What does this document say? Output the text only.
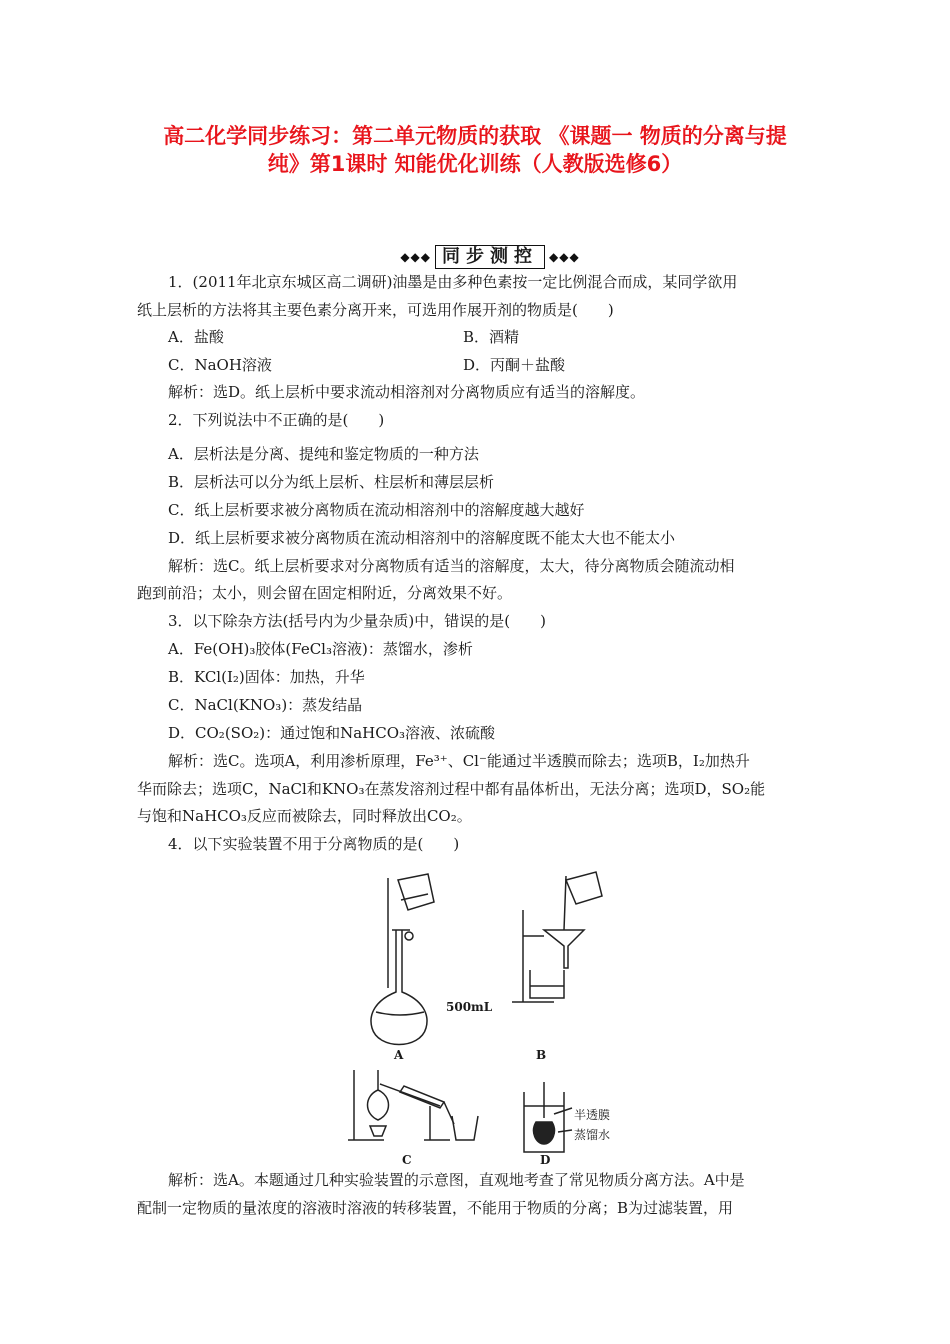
高二化学同步练习：第二单元物质的获取 《课题一 物质的分离与提
纯》第1课时 知能优化训练（人教版选修6）
◆◆◆ 同步测控 ◆◆◆
1．(2011年北京东城区高二调研)油墨是由多种色素按一定比例混合而成，某同学欲用
纸上层析的方法将其主要色素分离开来，可选用作展开剂的物质是(　　)
A．盐酸	B．酒精
C．NaOH溶液	D．丙酮＋盐酸
解析：选D。纸上层析中要求流动相溶剂对分离物质应有适当的溶解度。
2．下列说法中不正确的是(　　)
A．层析法是分离、提纯和鉴定物质的一种方法
B．层析法可以分为纸上层析、柱层析和薄层层析
C．纸上层析要求被分离物质在流动相溶剂中的溶解度越大越好
D．纸上层析要求被分离物质在流动相溶剂中的溶解度既不能太大也不能太小
解析：选C。纸上层析要求对分离物质有适当的溶解度，太大，待分离物质会随流动相
跑到前沿；太小，则会留在固定相附近，分离效果不好。
3．以下除杂方法(括号内为少量杂质)中，错误的是(　　)
A．Fe(OH)₃胶体(FeCl₃溶液)：蒸馏水，渗析
B．KCl(I₂)固体：加热，升华
C．NaCl(KNO₃)：蒸发结晶
D．CO₂(SO₂)：通过饱和NaHCO₃溶液、浓硫酸
解析：选C。选项A，利用渗析原理，Fe³⁺、Cl⁻能通过半透膜而除去；选项B，I₂加热升
华而除去；选项C，NaCl和KNO₃在蒸发溶剂过程中都有晶体析出，无法分离；选项D，SO₂能
与饱和NaHCO₃反应而被除去，同时释放出CO₂。
4．以下实验装置不用于分离物质的是(　　)
A	B
C	D
500mL
半透膜
蒸馏水
解析：选A。本题通过几种实验装置的示意图，直观地考查了常见物质分离方法。A中是
配制一定物质的量浓度的溶液时溶液的转移装置，不能用于物质的分离；B为过滤装置，用
